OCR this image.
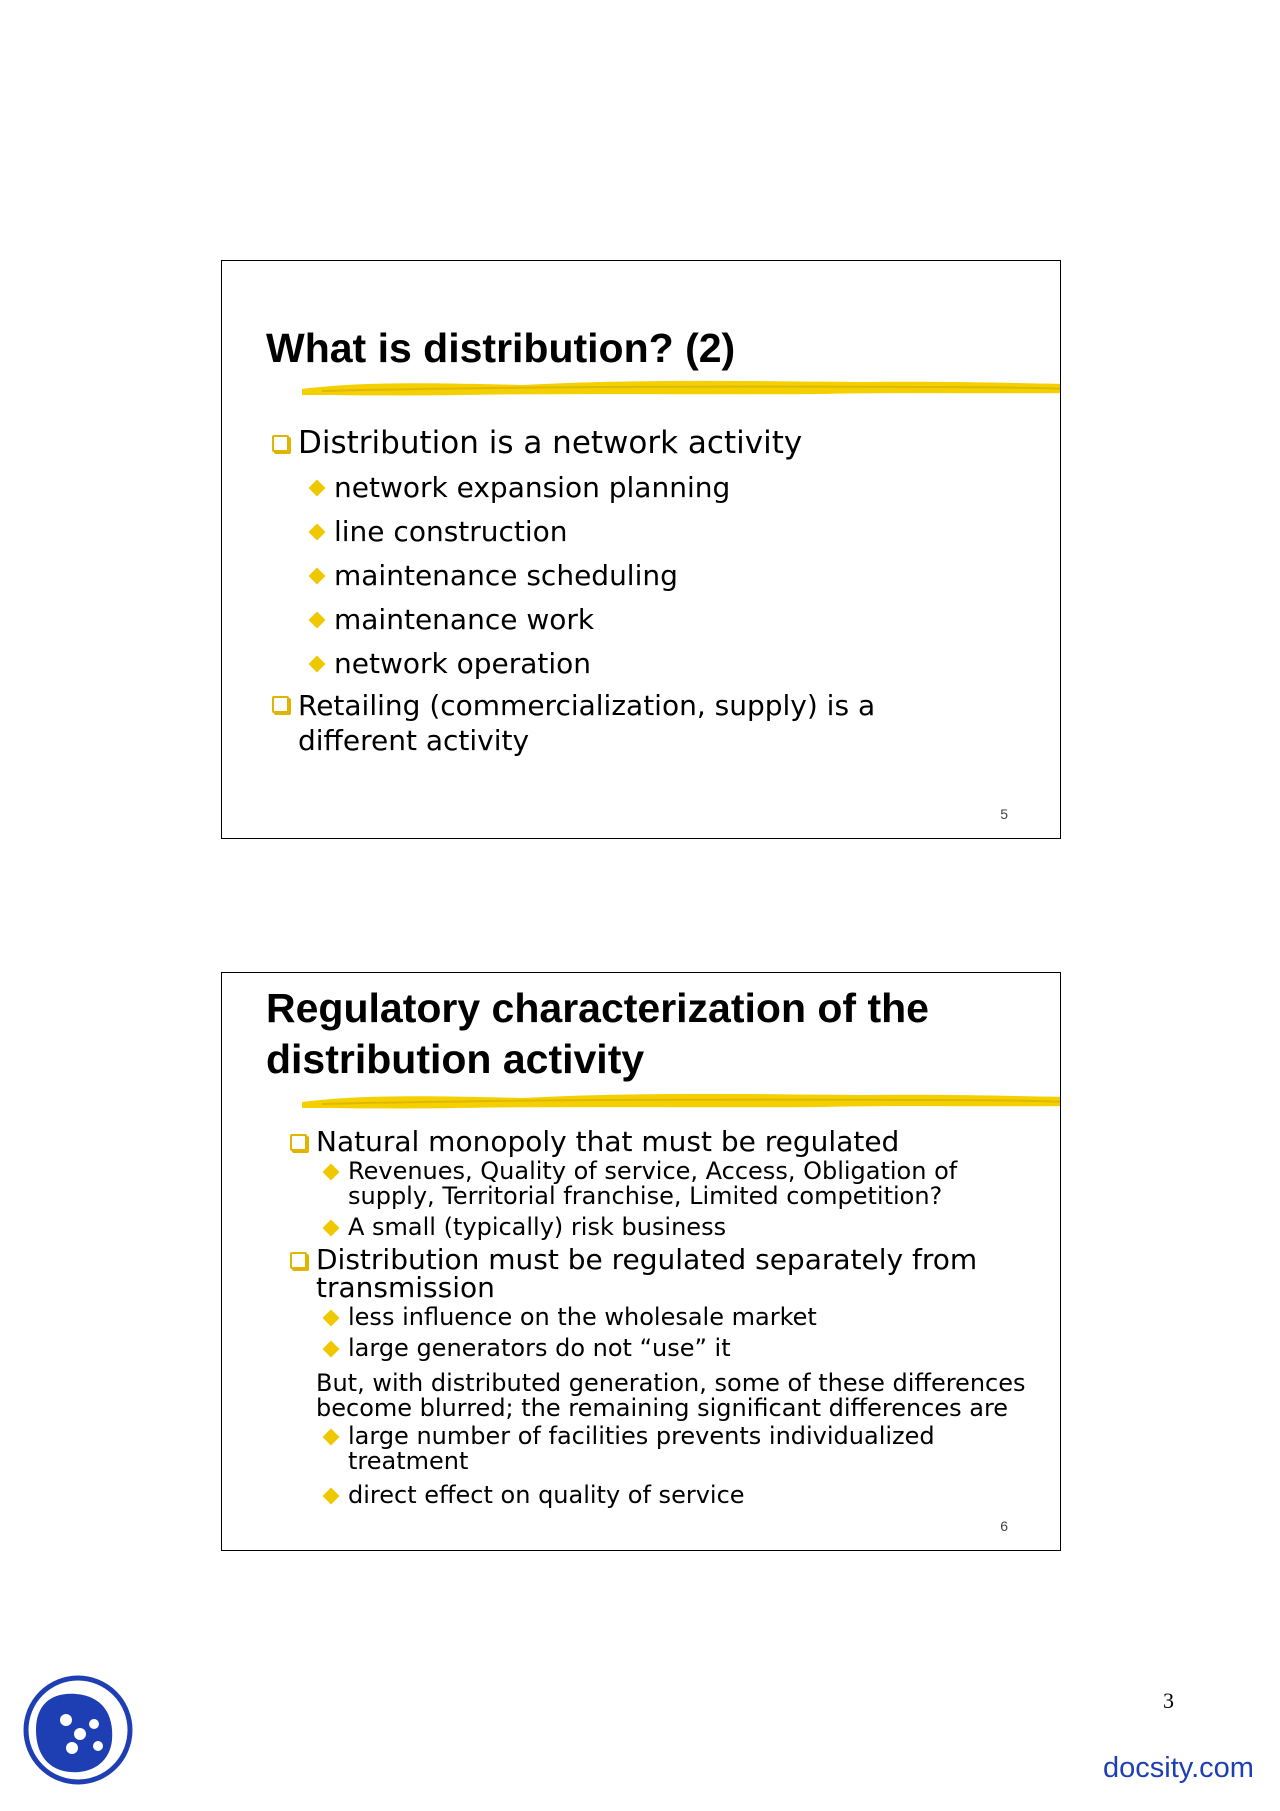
What is distribution? (2)
Distribution is a network activity
network expansion planning
line construction
maintenance scheduling
maintenance work
network operation
Retailing (commercialization, supply) is a different activity
5
Regulatory characterization of the distribution activity
Natural monopoly that must be regulated
Revenues, Quality of service, Access, Obligation of supply, Territorial franchise, Limited competition?
A small (typically) risk business
Distribution must be regulated separately from transmission
less influence on the wholesale market
large generators do not “use” it
But, with distributed generation, some of these differences become blurred; the remaining significant differences are
large number of facilities prevents individualized treatment
direct effect on quality of service
6
3
docsity.com
